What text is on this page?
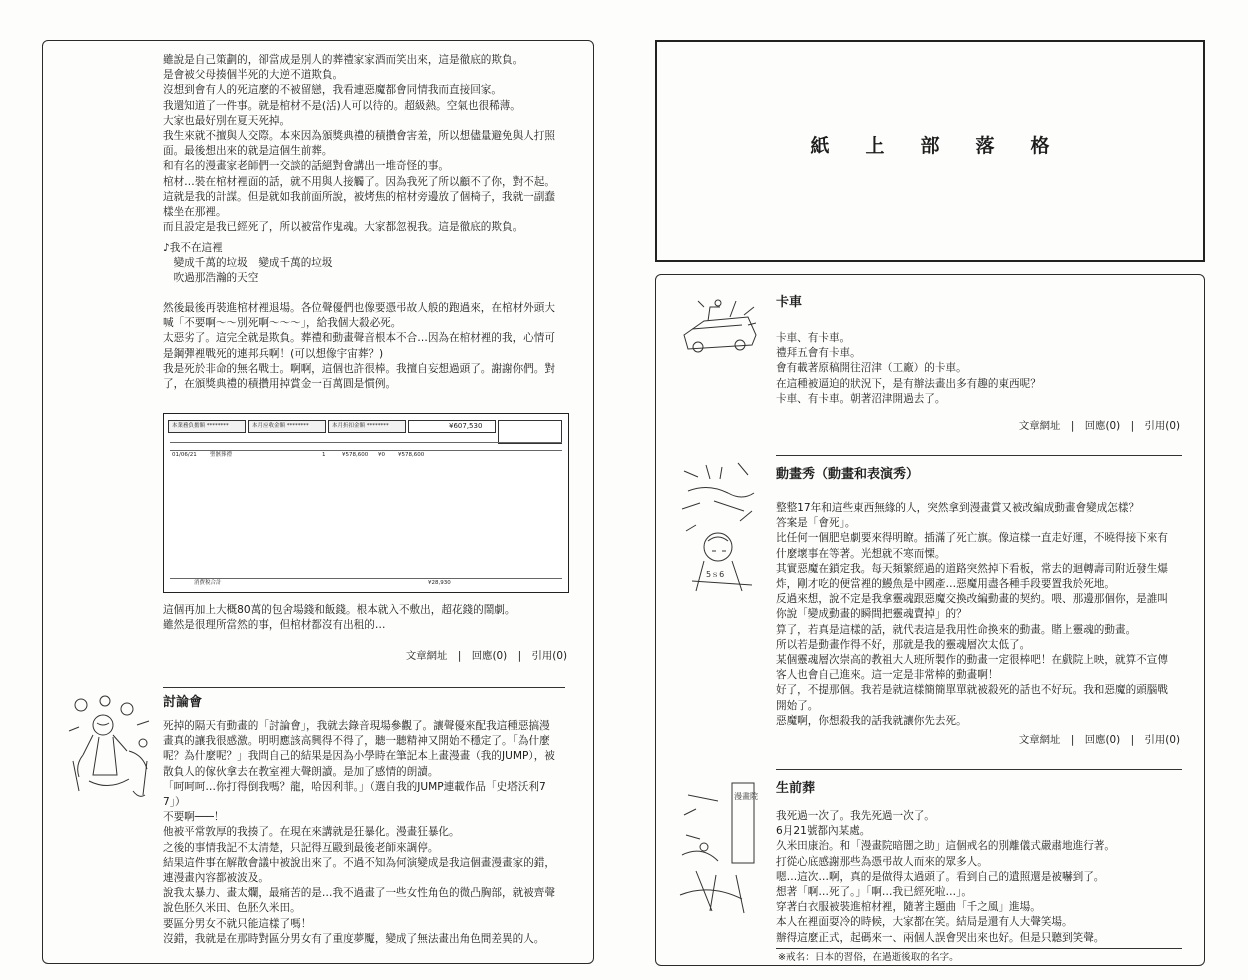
雖說是自己策劃的，卻當成是別人的葬禮家家酒而笑出來，這是徹底的欺負。

是會被父母揍個半死的大逆不道欺負。

沒想到會有人的死這麼的不被留戀，我看連惡魔都會同情我而直接回家。

我還知道了一件事。就是棺材不是(活)人可以待的。超級熱。空氣也很稀薄。

大家也最好別在夏天死掉。

我生來就不擅與人交際。本來因為頒獎典禮的積攢會害羞，所以想儘量避免與人打照

面。最後想出來的就是這個生前葬。

和有名的漫畫家老師們一交談的話絕對會講出一堆奇怪的事。

棺材…裝在棺材裡面的話，就不用與人接觸了。因為我死了所以顧不了你，對不起。

這就是我的計謀。但是就如我前面所說，被烤焦的棺材旁邊放了個椅子，我就一副蠢

樣坐在那裡。

而且設定是我已經死了，所以被當作鬼魂。大家都忽視我。這是徹底的欺負。

♪我不在這裡

　變成千萬的垃圾　變成千萬的垃圾

　吹過那浩瀚的天空

然後最後再裝進棺材裡退場。各位聲優們也像要憑弔故人般的跑過來，在棺材外頭大

喊「不要啊～～別死啊～～～」，給我個大殺必死。

太惡劣了。這完全就是欺負。葬禮和動畫聲音根本不合…因為在棺材裡的我，心情可

是鋼彈裡戰死的連邦兵啊！(可以想像宇宙葬？)

我是死於非命的無名戰士。啊啊，這個也許很棒。我擅自妄想過頭了。謝謝你們。對

了，在頒獎典禮的積攢用掉賞金一百萬圓是慣例。

本業務負擔額 ********	本月应收金額 ********	本月折扣金額 ********	¥607,530
01/06/21 聖骸葬禮	1	¥578,600 ¥0 ¥578,600
消費稅合計	¥28,930

這個再加上大概80萬的包舍場錢和飯錢。根本就入不敷出，超花錢的鬧劇。

雖然是很理所當然的事，但棺材都沒有出租的…

文章網址　|　回應(0)　|　引用(0)
討論會

死掉的隔天有動畫的「討論會」，我就去錄音現場參觀了。讓聲優來配我這種惡搞漫

畫真的讓我很感激。明明應該高興得不得了，聽一聽精神又開始不穩定了。「為什麼

呢？為什麼呢？」我問自己的結果是因為小學時在筆記本上畫漫畫（我的JUMP），被

散負人的傢伙拿去在教室裡大聲朗讀。是加了感情的朗讀。

「呵呵呵…你打得倒我嗎？龍，哈因利菲。」（選自我的JUMP連載作品「史塔沃利7

7」）

不要啊───！

他被平常敦厚的我揍了。在現在來講就是狂暴化。漫畫狂暴化。

之後的事情我記不太清楚，只記得互毆到最後老師來調停。

結果這件事在解散會議中被說出來了。不過不知為何演變成是我這個畫漫畫家的錯，

連漫畫內容都被波及。

說我太暴力、畫太爛，最痛苦的是…我不過畫了一些女性角色的微凸胸部，就被齊聲

說色胚久米田、色胚久米田。

要區分男女不就只能這樣了嗎！

沒錯，我就是在那時對區分男女有了重度夢魘，變成了無法畫出角色間差異的人。

紙上部落格
卡車

卡車、有卡車。

禮拜五會有卡車。

會有載著原稿開往沼津（工廠）的卡車。

在這種被逼迫的狀況下，是有辦法畫出多有趣的東西呢？

卡車、有卡車。朝著沼津開過去了。

文章網址　|　回應(0)　|　引用(0)
5ｓ6
動畫秀（動畫和表演秀）

整整17年和這些東西無緣的人，突然拿到漫畫賞又被改編成動畫會變成怎樣？

答案是「會死」。

比任何一個肥皂劇要來得明瞭。插滿了死亡旗。像這樣一直走好運，不曉得接下來有

什麼壞事在等著。光想就不寒而慄。

其實惡魔在鎖定我。每天頻繁經過的道路突然掉下看板，常去的迴轉壽司附近發生爆

炸，剛才吃的便當裡的鰻魚是中國產…惡魔用盡各種手段要置我於死地。

反過來想，說不定是我拿靈魂跟惡魔交換改編動畫的契約。喂、那邊那個你，是誰叫

你說「變成動畫的瞬間把靈魂賣掉」的？

算了，若真是這樣的話，就代表這是我用性命換來的動畫。賭上靈魂的動畫。

所以若是動畫作得不好，那就是我的靈魂層次太低了。

某個靈魂層次崇高的教祖大人班所製作的動畫一定很棒吧！在戲院上映，就算不宣傳

客人也會自己進來。這一定是非常棒的動畫啊！

好了，不提那個。我若是就這樣簡簡單單就被殺死的話也不好玩。我和惡魔的頭腦戰

開始了。

惡魔啊，你想殺我的話我就讓你先去死。

文章網址　|　回應(0)　|　引用(0)
漫畫院
生前葬

我死過一次了。我先死過一次了。

6月21號都內某處。

久米田康治。和「漫畫院暗闇之助」這個戒名的別離儀式嚴肅地進行著。

打從心底感謝那些為憑弔故人而來的眾多人。

嗯…這次…啊，真的是做得太過頭了。看到自己的遺照還是被嚇到了。

想著「啊…死了。」「啊…我已經死啦…」。

穿著白衣服被裝進棺材裡，隨著主題曲「千之風」進場。

本人在裡面耍冷的時候，大家都在笑。結局是還有人大聲笑場。

辦得這麼正式，起碼來一、兩個人誤會哭出來也好。但是只聽到笑聲。

※戒名：日本的習俗，在過逝後取的名字。
